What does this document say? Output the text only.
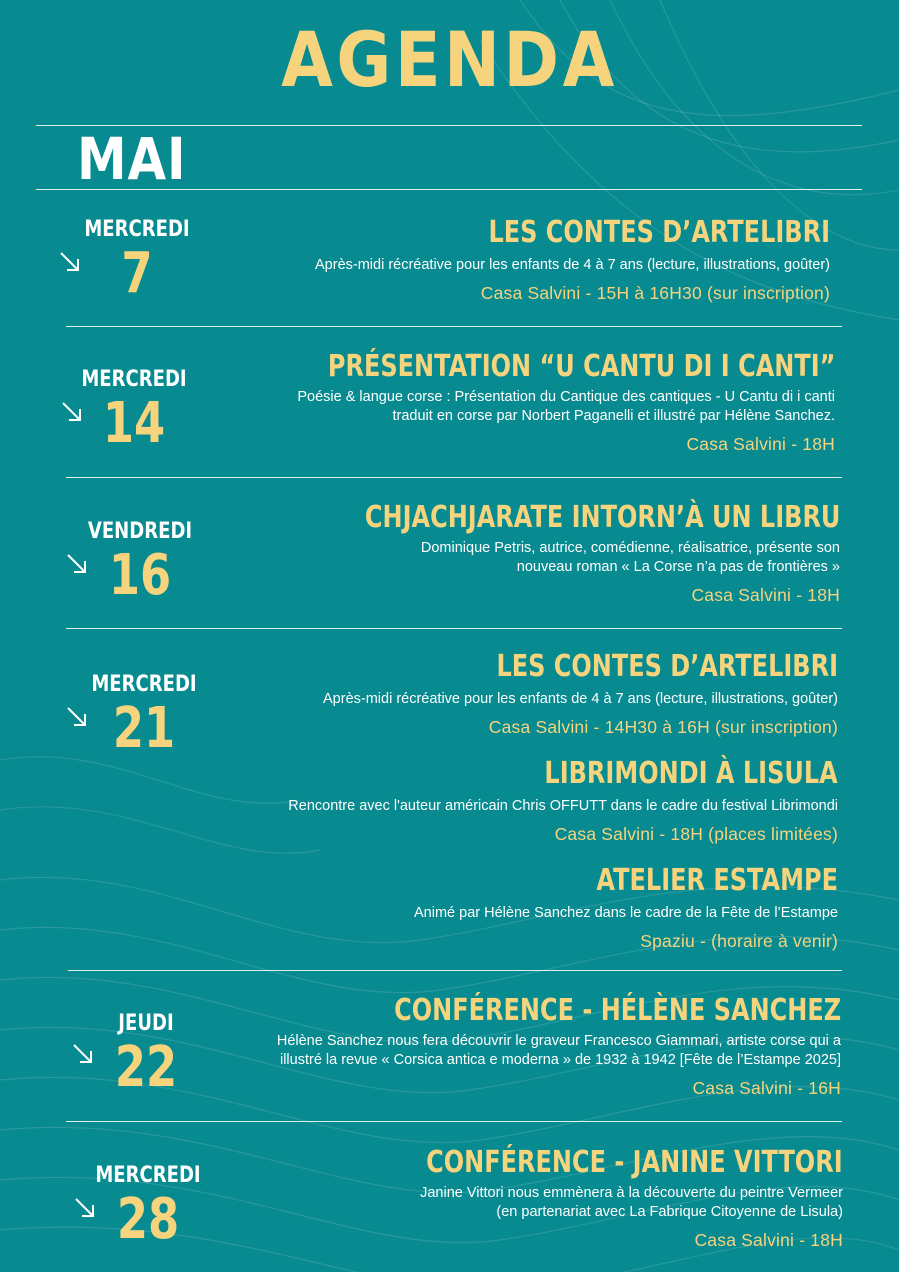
AGENDA
MAI
MERCREDI
7
LES CONTES D’ARTELIBRI
Après-midi récréative pour les enfants de 4 à 7 ans (lecture, illustrations, goûter)
Casa Salvini - 15H à 16H30 (sur inscription)
MERCREDI
14
PRÉSENTATION “U CANTU DI I CANTI”
Poésie & langue corse : Présentation du Cantique des cantiques - U Cantu di i canti
traduit en corse par Norbert Paganelli et illustré par Hélène Sanchez.
Casa Salvini - 18H
VENDREDI
16
CHJACHJARATE INTORN’À UN LIBRU
Dominique Petris, autrice, comédienne, réalisatrice, présente son
nouveau roman « La Corse n’a pas de frontières »
Casa Salvini - 18H
MERCREDI
21
LES CONTES D’ARTELIBRI
Après-midi récréative pour les enfants de 4 à 7 ans (lecture, illustrations, goûter)
Casa Salvini - 14H30 à 16H (sur inscription)
LIBRIMONDI À LISULA
Rencontre avec l'auteur américain Chris OFFUTT dans le cadre du festival Librimondi
Casa Salvini - 18H (places limitées)
ATELIER ESTAMPE
Animé par Hélène Sanchez dans le cadre de la Fête de l’Estampe
Spaziu - (horaire à venir)
JEUDI
22
CONFÉRENCE - HÉLÈNE SANCHEZ
Hélène Sanchez nous fera découvrir le graveur Francesco Giammari, artiste corse qui a
illustré la revue « Corsica antica e moderna » de 1932 à 1942 [Fête de l’Estampe 2025]
Casa Salvini - 16H
MERCREDI
28
CONFÉRENCE - JANINE VITTORI
Janine Vittori nous emmènera à la découverte du peintre Vermeer
(en partenariat avec La Fabrique Citoyenne de Lisula)
Casa Salvini - 18H
